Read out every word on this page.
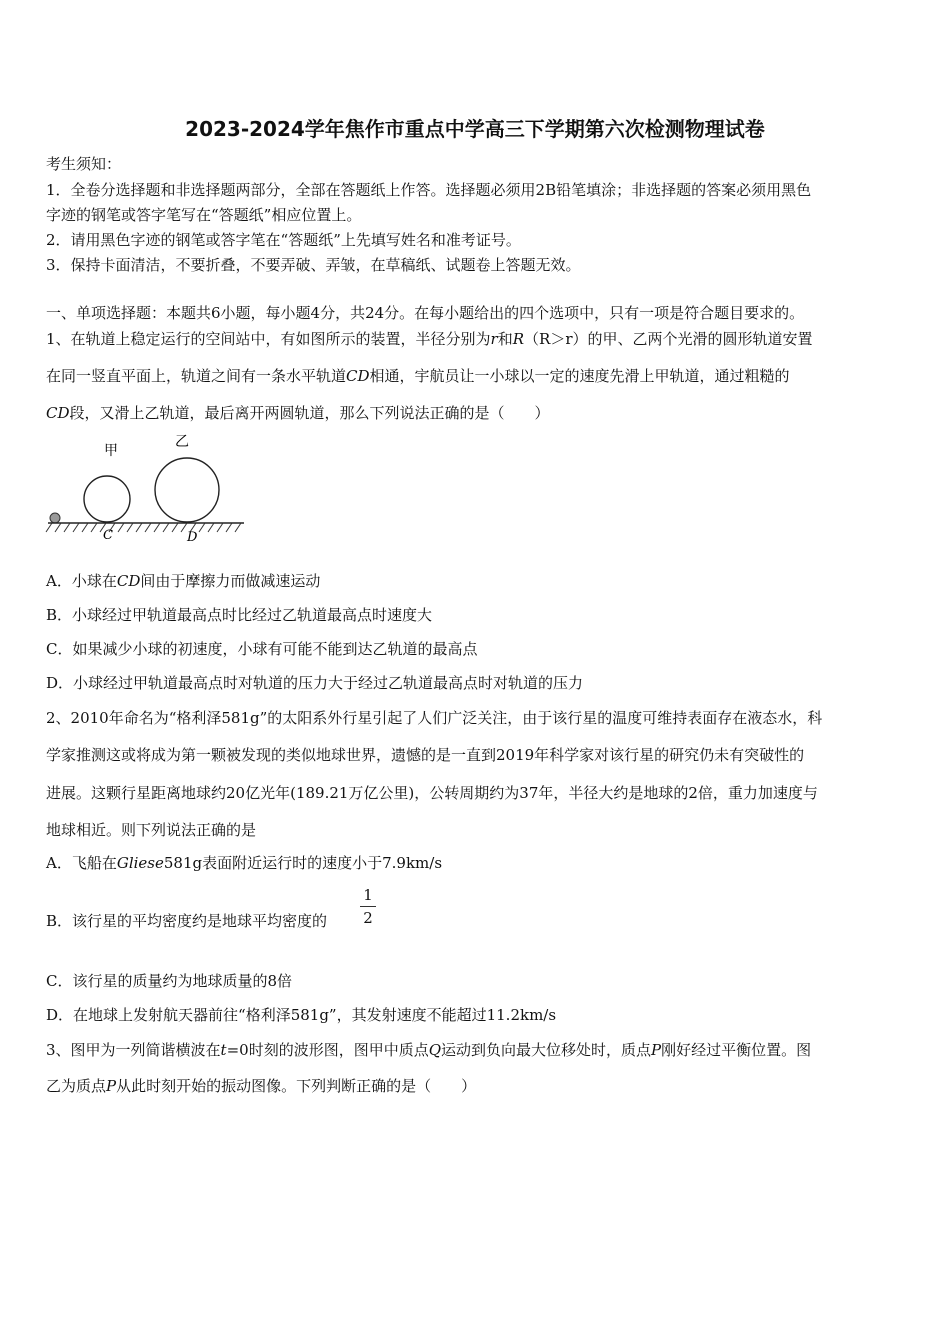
2023-2024学年焦作市重点中学高三下学期第六次检测物理试卷
考生须知：
1．全卷分选择题和非选择题两部分，全部在答题纸上作答。选择题必须用2B铅笔填涂；非选择题的答案必须用黑色
字迹的钢笔或答字笔写在“答题纸”相应位置上。
2．请用黑色字迹的钢笔或答字笔在“答题纸”上先填写姓名和准考证号。
3．保持卡面清洁，不要折叠，不要弄破、弄皱，在草稿纸、试题卷上答题无效。
一、单项选择题：本题共6小题，每小题4分，共24分。在每小题给出的四个选项中，只有一项是符合题目要求的。
1、在轨道上稳定运行的空间站中，有如图所示的装置，半径分别为r和R（R＞r）的甲、乙两个光滑的圆形轨道安置
在同一竖直平面上，轨道之间有一条水平轨道CD相通，宇航员让一小球以一定的速度先滑上甲轨道，通过粗糙的
CD段，又滑上乙轨道，最后离开两圆轨道，那么下列说法正确的是（　　）
甲
乙
C	D
A．小球在CD间由于摩擦力而做减速运动
B．小球经过甲轨道最高点时比经过乙轨道最高点时速度大
C．如果减少小球的初速度，小球有可能不能到达乙轨道的最高点
D．小球经过甲轨道最高点时对轨道的压力大于经过乙轨道最高点时对轨道的压力
2、2010年命名为“格利泽581g”的太阳系外行星引起了人们广泛关注，由于该行星的温度可维持表面存在液态水，科
学家推测这或将成为第一颗被发现的类似地球世界，遗憾的是一直到2019年科学家对该行星的研究仍未有突破性的
进展。这颗行星距离地球约20亿光年(189.21万亿公里)，公转周期约为37年，半径大约是地球的2倍，重力加速度与
地球相近。则下列说法正确的是
A．飞船在Gliese581g表面附近运行时的速度小于7.9km/s
B．该行星的平均密度约是地球平均密度的
1
2
C．该行星的质量约为地球质量的8倍
D．在地球上发射航天器前往“格利泽581g”，其发射速度不能超过11.2km/s
3、图甲为一列简谐横波在t=0时刻的波形图，图甲中质点Q运动到负向最大位移处时，质点P刚好经过平衡位置。图
乙为质点P从此时刻开始的振动图像。下列判断正确的是（　　）
